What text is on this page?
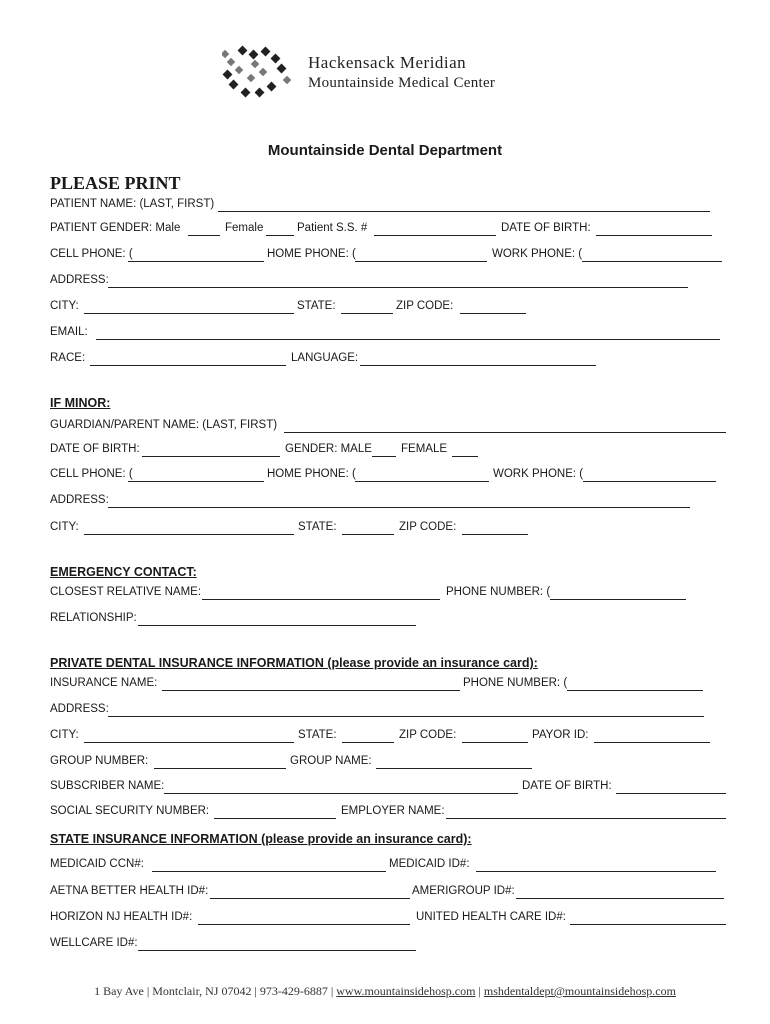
Hackensack Meridian
Mountainside Medical Center
Mountainside Dental Department
PLEASE PRINT
PATIENT NAME: (LAST, FIRST)
PATIENT GENDER: Male	Female	Patient S.S. #	DATE OF BIRTH:
CELL PHONE: (	HOME PHONE: (	WORK PHONE: (
ADDRESS:
CITY:	STATE:	ZIP CODE:
EMAIL:
RACE:	LANGUAGE:
IF MINOR:
GUARDIAN/PARENT NAME: (LAST, FIRST)
DATE OF BIRTH:	GENDER: MALE	FEMALE
CELL PHONE: (	HOME PHONE: (	WORK PHONE: (
ADDRESS:
CITY:	STATE:	ZIP CODE:
EMERGENCY CONTACT:
CLOSEST RELATIVE NAME:	PHONE NUMBER: (
RELATIONSHIP:
PRIVATE DENTAL INSURANCE INFORMATION (please provide an insurance card):
INSURANCE NAME:	PHONE NUMBER: (
ADDRESS:
CITY:	STATE:	ZIP CODE:	PAYOR ID:
GROUP NUMBER:	GROUP NAME:
SUBSCRIBER NAME:	DATE OF BIRTH:
SOCIAL SECURITY NUMBER:	EMPLOYER NAME:
STATE INSURANCE INFORMATION (please provide an insurance card):
MEDICAID CCN#:	MEDICAID ID#:
AETNA BETTER HEALTH ID#:	AMERIGROUP ID#:
HORIZON NJ HEALTH ID#:	UNITED HEALTH CARE ID#:
WELLCARE ID#:
1 Bay Ave | Montclair, NJ 07042 | 973-429-6887 | www.mountainsidehosp.com | mshdentaldept@mountainsidehosp.com
